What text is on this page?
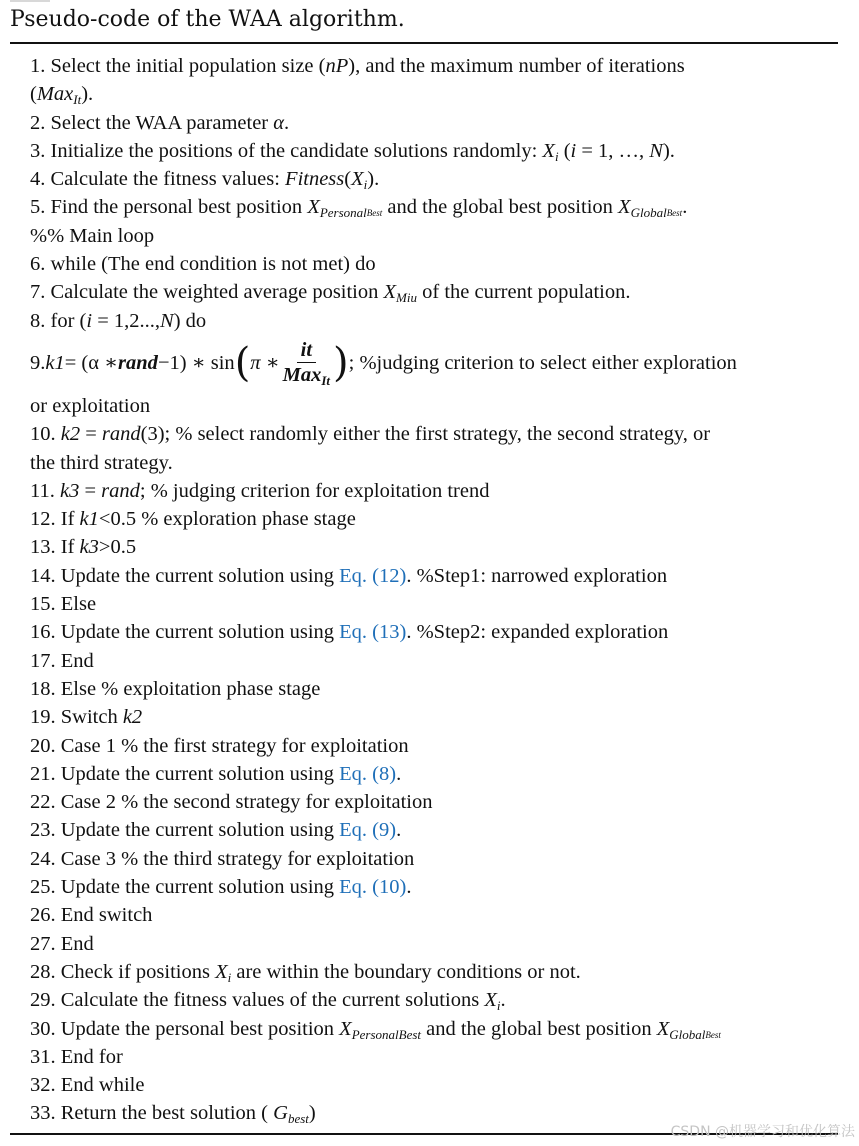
Pseudo-code of the WAA algorithm.
1. Select the initial population size (nP), and the maximum number of iterations
(MaxIt).
2. Select the WAA parameter α.
3. Initialize the positions of the candidate solutions randomly: Xi (i = 1, …, N).
4. Calculate the fitness values: Fitness(Xi).
5. Find the personal best position XPersonalBest and the global best position XGlobalBest.
%% Main loop
6. while (The end condition is not met) do
7. Calculate the weighted average position XMiu of the current population.
8. for (i = 1,2...,N) do
9. k1 = (α ∗ rand −1) ∗ sin ( π ∗ $\frac{it}{\text{MaxIt}}$ ) ; %judging criterion to select either exploration
or exploitation
10. k2 = rand(3); % select randomly either the first strategy, the second strategy, or
the third strategy.
11. k3 = rand; % judging criterion for exploitation trend
12. If k1<0.5 % exploration phase stage
13. If k3>0.5
14. Update the current solution using Eq. (12). %Step1: narrowed exploration
15. Else
16. Update the current solution using Eq. (13). %Step2: expanded exploration
17. End
18. Else % exploitation phase stage
19. Switch k2
20. Case 1 % the first strategy for exploitation
21. Update the current solution using Eq. (8).
22. Case 2 % the second strategy for exploitation
23. Update the current solution using Eq. (9).
24. Case 3 % the third strategy for exploitation
25. Update the current solution using Eq. (10).
26. End switch
27. End
28. Check if positions Xi are within the boundary conditions or not.
29. Calculate the fitness values of the current solutions Xi.
30. Update the personal best position XPersonalBest and the global best position XGlobalBest
31. End for
32. End while
33. Return the best solution ( Gbest)
CSDN @机器学习和优化算法
